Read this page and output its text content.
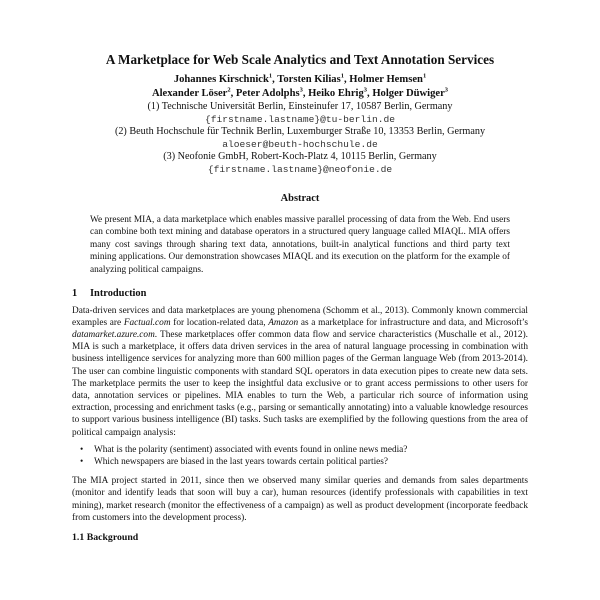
A Marketplace for Web Scale Analytics and Text Annotation Services
Johannes Kirschnick$^1$, Torsten Kilias$^1$, Holmer Hemsen$^1$
Alexander Löser$^2$, Peter Adolphs$^3$, Heiko Ehrig$^3$, Holger Düwiger$^3$
(1) Technische Universität Berlin, Einsteinufer 17, 10587 Berlin, Germany
{firstname.lastname}@tu-berlin.de
(2) Beuth Hochschule für Technik Berlin, Luxemburger Straße 10, 13353 Berlin, Germany
aloeser@beuth-hochschule.de
(3) Neofonie GmbH, Robert-Koch-Platz 4, 10115 Berlin, Germany
{firstname.lastname}@neofonie.de
Abstract
We present MIA, a data marketplace which enables massive parallel processing of data from the Web. End users can combine both text mining and database operators in a structured query language called MIAQL. MIA offers many cost savings through sharing text data, annotations, built-in analytical functions and third party text mining applications. Our demonstration showcases MIAQL and its execution on the platform for the example of analyzing political campaigns.
1 Introduction
Data-driven services and data marketplaces are young phenomena (Schomm et al., 2013). Commonly known commercial examples are Factual.com for location-related data, Amazon as a marketplace for infrastructure and data, and Microsoft’s datamarket.azure.com. These marketplaces offer common data flow and service characteristics (Muschalle et al., 2012). MIA is such a marketplace, it offers data driven services in the area of natural language processing in combination with business intelligence services for analyzing more than 600 million pages of the German language Web (from 2013-2014). The user can combine linguistic components with standard SQL operators in data execution pipes to create new data sets. The marketplace permits the user to keep the insightful data exclusive or to grant access permissions to other users for data, annotation services or pipelines. MIA enables to turn the Web, a particular rich source of information using extraction, processing and enrichment tasks (e.g., parsing or semantically annotating) into a valuable knowledge resources to support various business intelligence (BI) tasks. Such tasks are exemplified by the following questions from the area of political campaign analysis:
• What is the polarity (sentiment) associated with events found in online news media?
• Which newspapers are biased in the last years towards certain political parties?
The MIA project started in 2011, since then we observed many similar queries and demands from sales departments (monitor and identify leads that soon will buy a car), human resources (identify professionals with capabilities in text mining), market research (monitor the effectiveness of a campaign) as well as product development (incorporate feedback from customers into the development process).
1.1 Background
